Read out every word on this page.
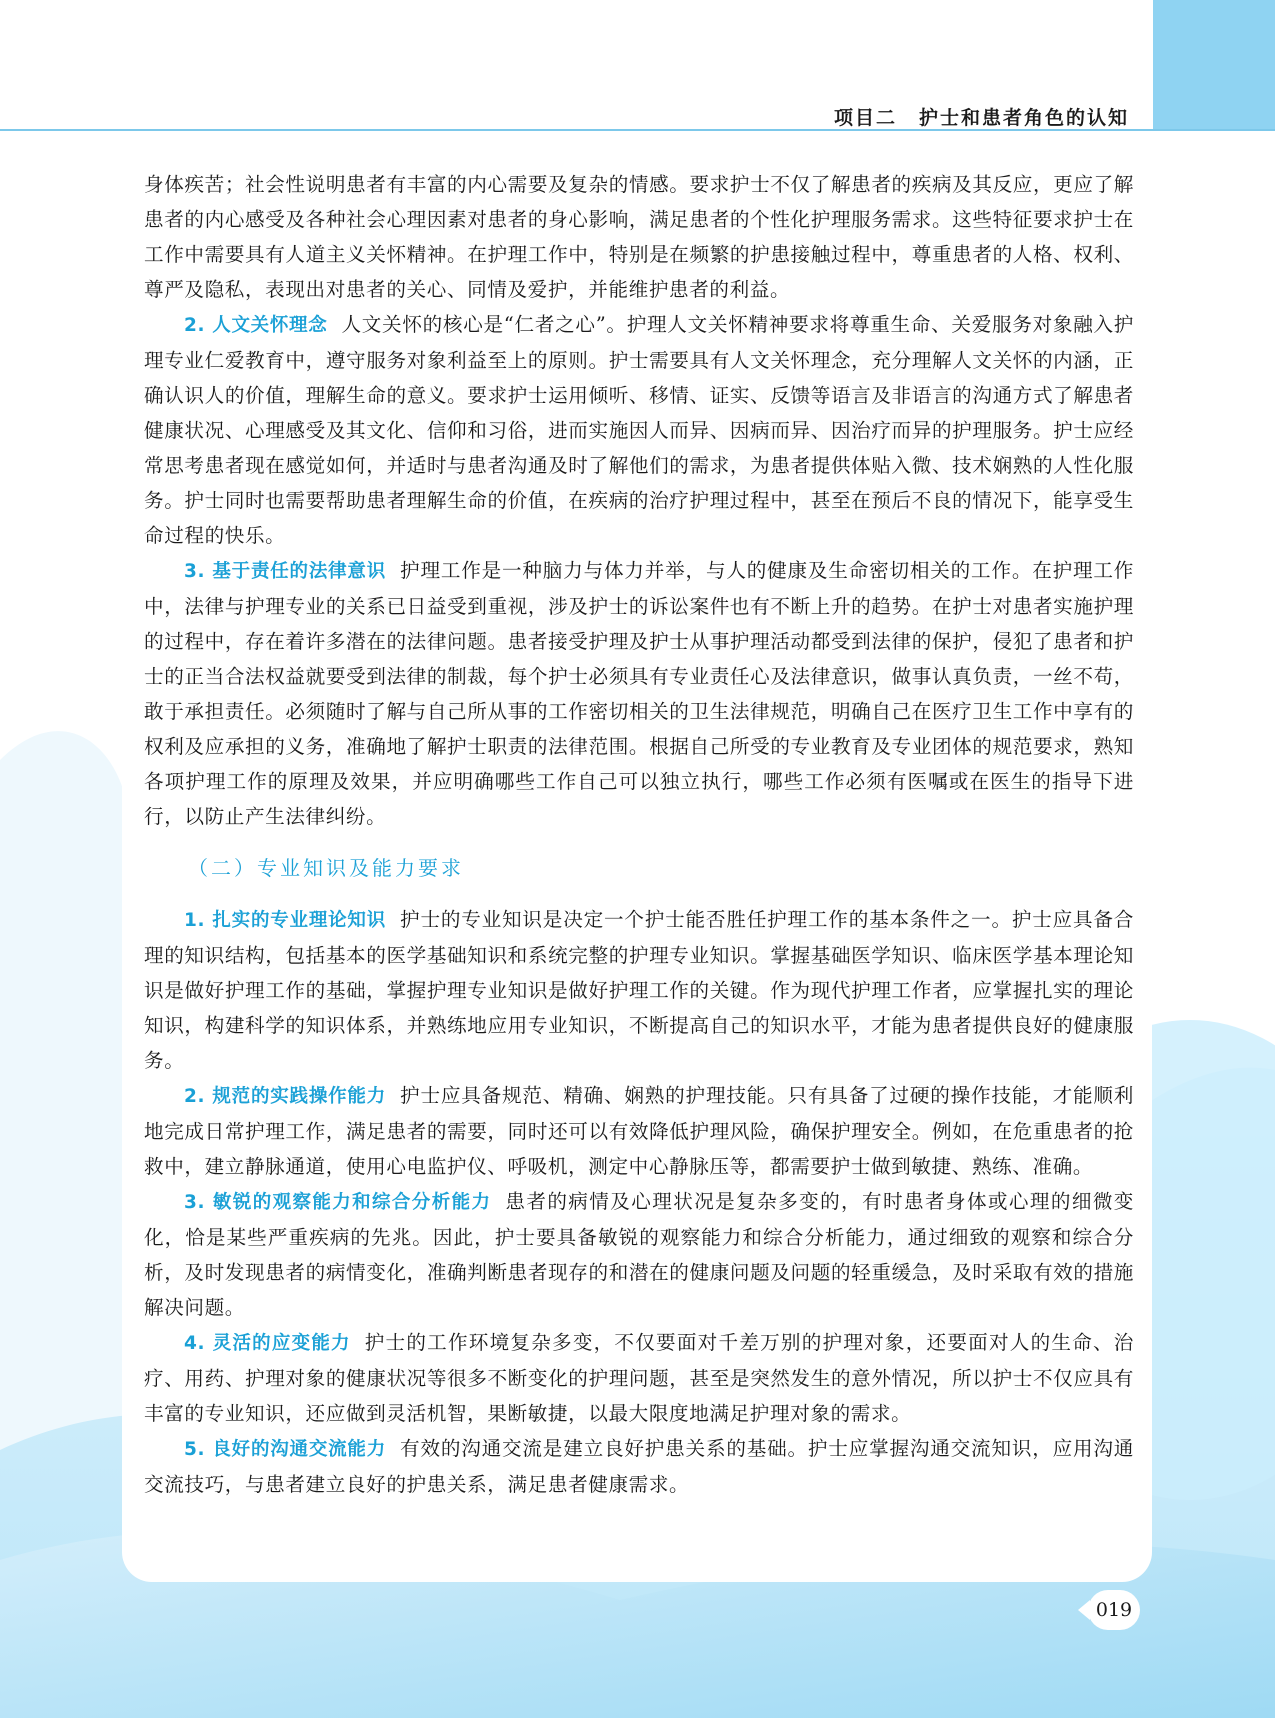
项目二 护士和患者角色的认知

身体疾苦；社会性说明患者有丰富的内心需要及复杂的情感。要求护士不仅了解患者的疾病及其反应，更应了解患者的内心感受及各种社会心理因素对患者的身心影响，满足患者的个性化护理服务需求。这些特征要求护士在工作中需要具有人道主义关怀精神。在护理工作中，特别是在频繁的护患接触过程中，尊重患者的人格、权利、尊严及隐私，表现出对患者的关心、同情及爱护，并能维护患者的利益。

2. 人文关怀理念 人文关怀的核心是“仁者之心”。护理人文关怀精神要求将尊重生命、关爱服务对象融入护理专业仁爱教育中，遵守服务对象利益至上的原则。护士需要具有人文关怀理念，充分理解人文关怀的内涵，正确认识人的价值，理解生命的意义。要求护士运用倾听、移情、证实、反馈等语言及非语言的沟通方式了解患者健康状况、心理感受及其文化、信仰和习俗，进而实施因人而异、因病而异、因治疗而异的护理服务。护士应经常思考患者现在感觉如何，并适时与患者沟通及时了解他们的需求，为患者提供体贴入微、技术娴熟的人性化服务。护士同时也需要帮助患者理解生命的价值，在疾病的治疗护理过程中，甚至在预后不良的情况下，能享受生命过程的快乐。

3. 基于责任的法律意识 护理工作是一种脑力与体力并举，与人的健康及生命密切相关的工作。在护理工作中，法律与护理专业的关系已日益受到重视，涉及护士的诉讼案件也有不断上升的趋势。在护士对患者实施护理的过程中，存在着许多潜在的法律问题。患者接受护理及护士从事护理活动都受到法律的保护，侵犯了患者和护士的正当合法权益就要受到法律的制裁，每个护士必须具有专业责任心及法律意识，做事认真负责，一丝不苟，敢于承担责任。必须随时了解与自己所从事的工作密切相关的卫生法律规范，明确自己在医疗卫生工作中享有的权利及应承担的义务，准确地了解护士职责的法律范围。根据自己所受的专业教育及专业团体的规范要求，熟知各项护理工作的原理及效果，并应明确哪些工作自己可以独立执行，哪些工作必须有医嘱或在医生的指导下进行，以防止产生法律纠纷。

（二）专业知识及能力要求

1. 扎实的专业理论知识 护士的专业知识是决定一个护士能否胜任护理工作的基本条件之一。护士应具备合理的知识结构，包括基本的医学基础知识和系统完整的护理专业知识。掌握基础医学知识、临床医学基本理论知识是做好护理工作的基础，掌握护理专业知识是做好护理工作的关键。作为现代护理工作者，应掌握扎实的理论知识，构建科学的知识体系，并熟练地应用专业知识，不断提高自己的知识水平，才能为患者提供良好的健康服务。

2. 规范的实践操作能力 护士应具备规范、精确、娴熟的护理技能。只有具备了过硬的操作技能，才能顺利地完成日常护理工作，满足患者的需要，同时还可以有效降低护理风险，确保护理安全。例如，在危重患者的抢救中，建立静脉通道，使用心电监护仪、呼吸机，测定中心静脉压等，都需要护士做到敏捷、熟练、准确。

3. 敏锐的观察能力和综合分析能力 患者的病情及心理状况是复杂多变的，有时患者身体或心理的细微变化，恰是某些严重疾病的先兆。因此，护士要具备敏锐的观察能力和综合分析能力，通过细致的观察和综合分析，及时发现患者的病情变化，准确判断患者现存的和潜在的健康问题及问题的轻重缓急，及时采取有效的措施解决问题。

4. 灵活的应变能力 护士的工作环境复杂多变，不仅要面对千差万别的护理对象，还要面对人的生命、治疗、用药、护理对象的健康状况等很多不断变化的护理问题，甚至是突然发生的意外情况，所以护士不仅应具有丰富的专业知识，还应做到灵活机智，果断敏捷，以最大限度地满足护理对象的需求。

5. 良好的沟通交流能力 有效的沟通交流是建立良好护患关系的基础。护士应掌握沟通交流知识，应用沟通交流技巧，与患者建立良好的护患关系，满足患者健康需求。

019
